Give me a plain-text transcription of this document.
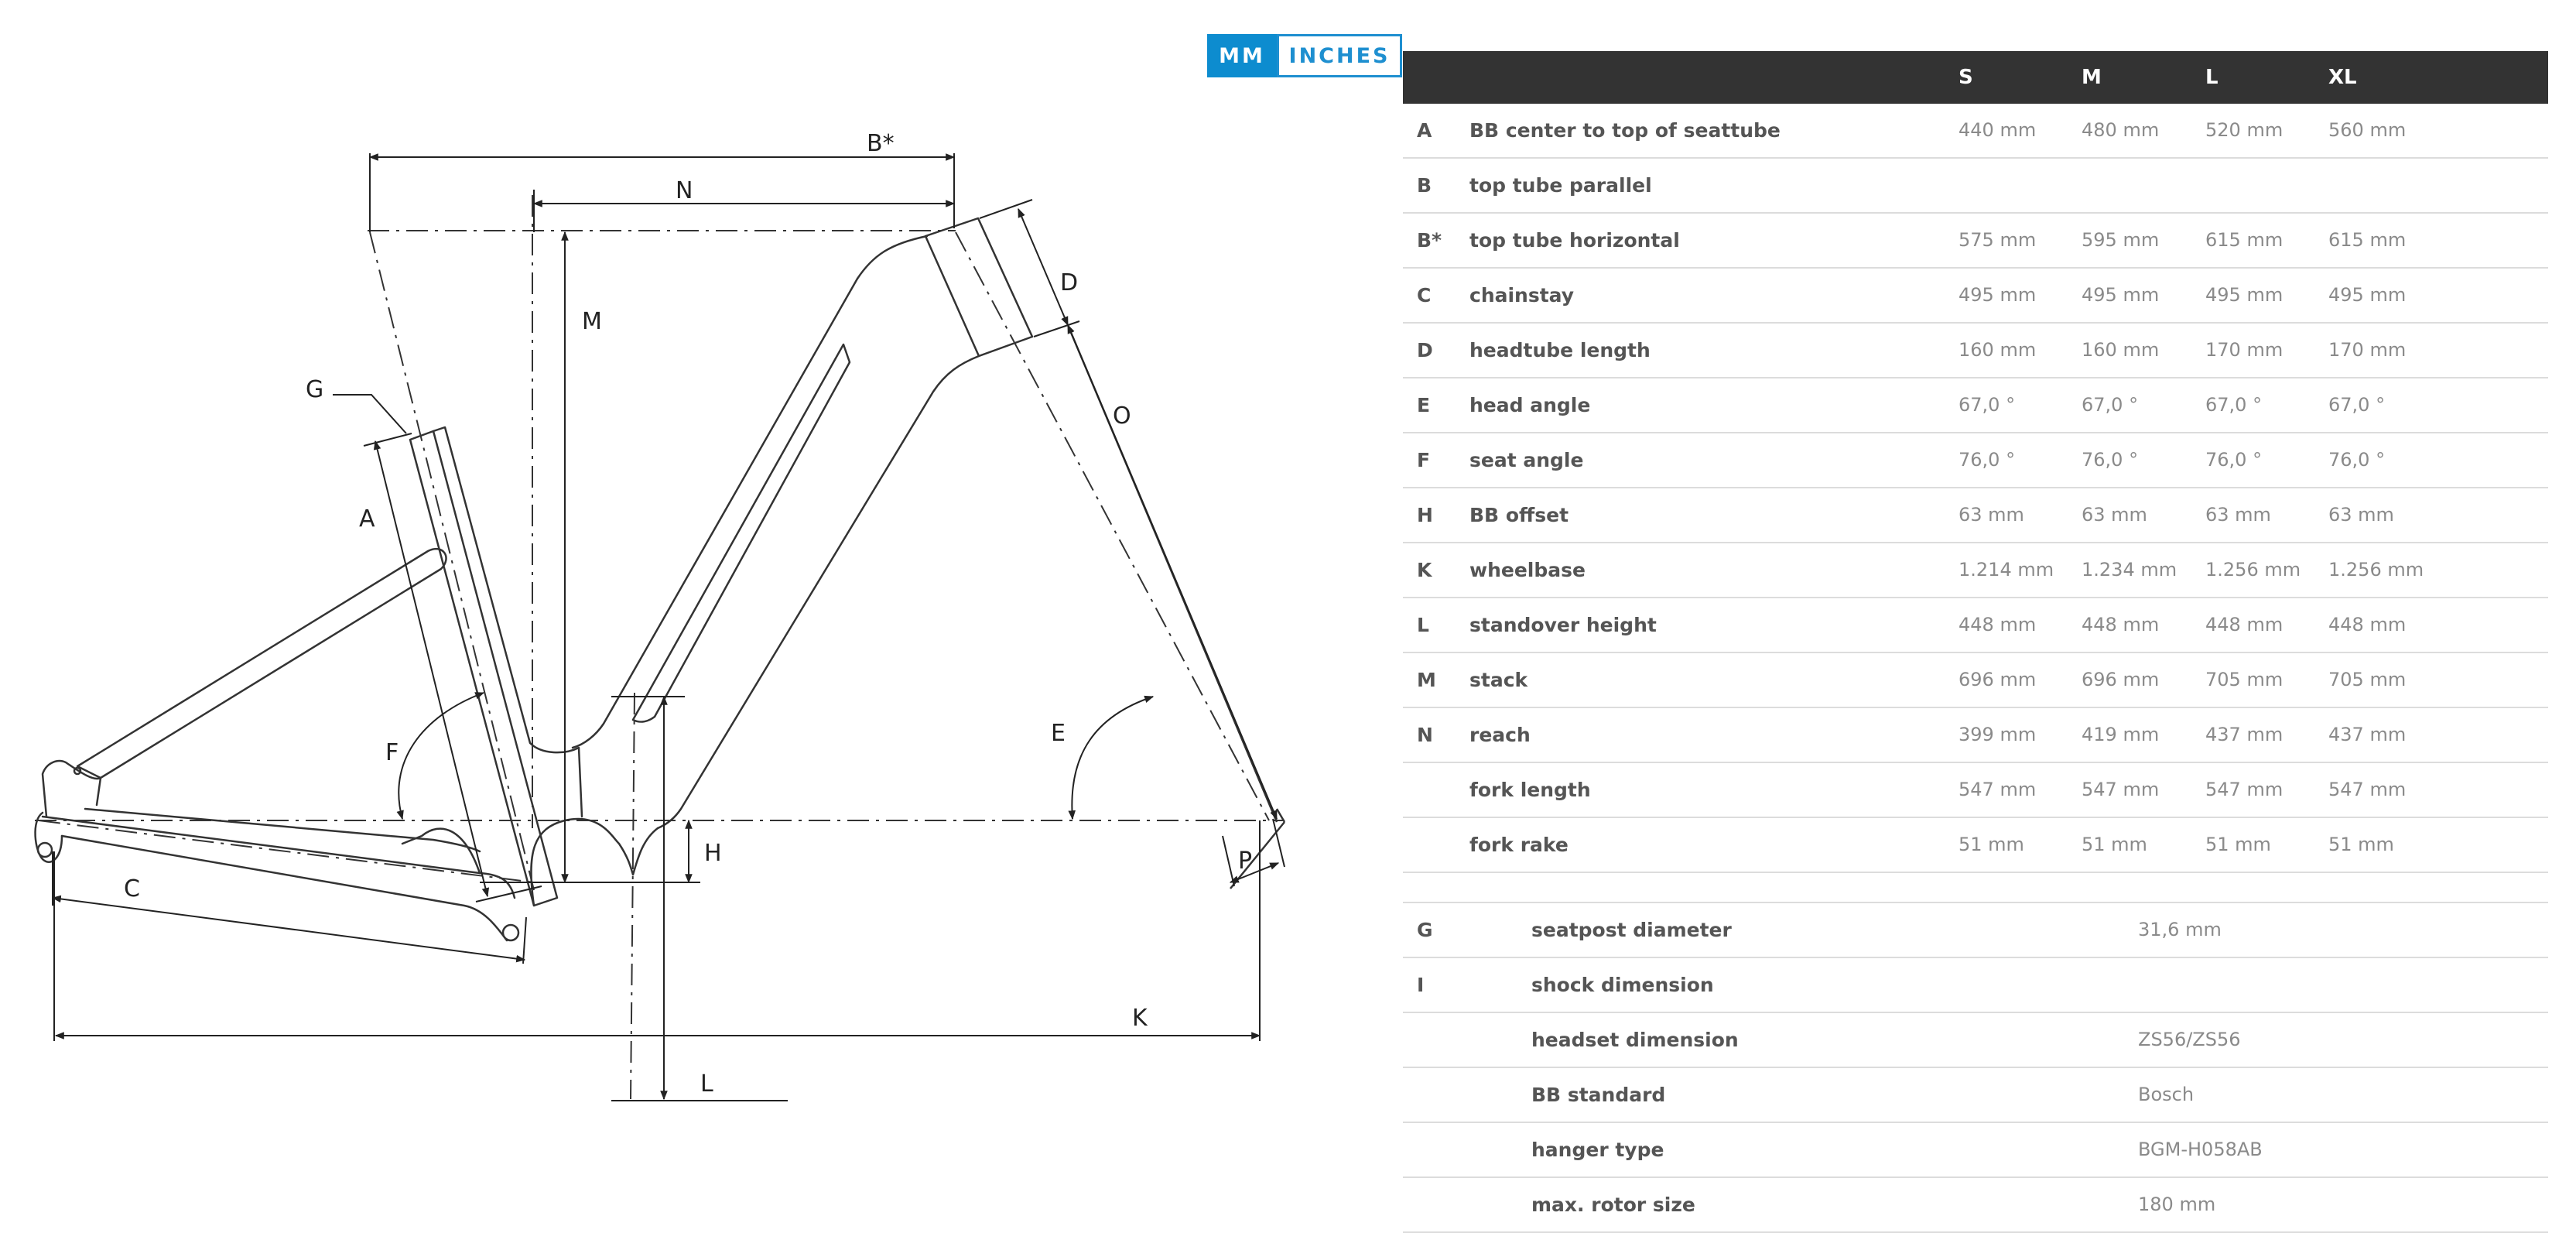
B*
N
M
G
A
D
O
F
E
H	P
C
K
L
MM	INCHES
S	M	L	XL
A BB center to top of seattube	440 mm 480 mm 520 mm 560 mm
B top tube parallel
B* top tube horizontal	575 mm 595 mm 615 mm 615 mm
C chainstay	495 mm 495 mm 495 mm 495 mm
D headtube length	160 mm 160 mm 170 mm 170 mm
E head angle	67,0 °	67,0 °	67,0 °	67,0 °
F seat angle	76,0 °	76,0 °	76,0 °	76,0 °
H BB offset	63 mm	63 mm	63 mm	63 mm
K wheelbase	1.214 mm 1.234 mm 1.256 mm 1.256 mm
L standover height	448 mm 448 mm 448 mm 448 mm
M stack	696 mm 696 mm 705 mm 705 mm
N reach	399 mm 419 mm 437 mm 437 mm
fork length	547 mm 547 mm 547 mm 547 mm
fork rake	51 mm	51 mm	51 mm	51 mm
G	seatpost diameter	31,6 mm
I	shock dimension
headset dimension	ZS56/ZS56
BB standard	Bosch
hanger type	BGM-H058AB
max. rotor size	180 mm
